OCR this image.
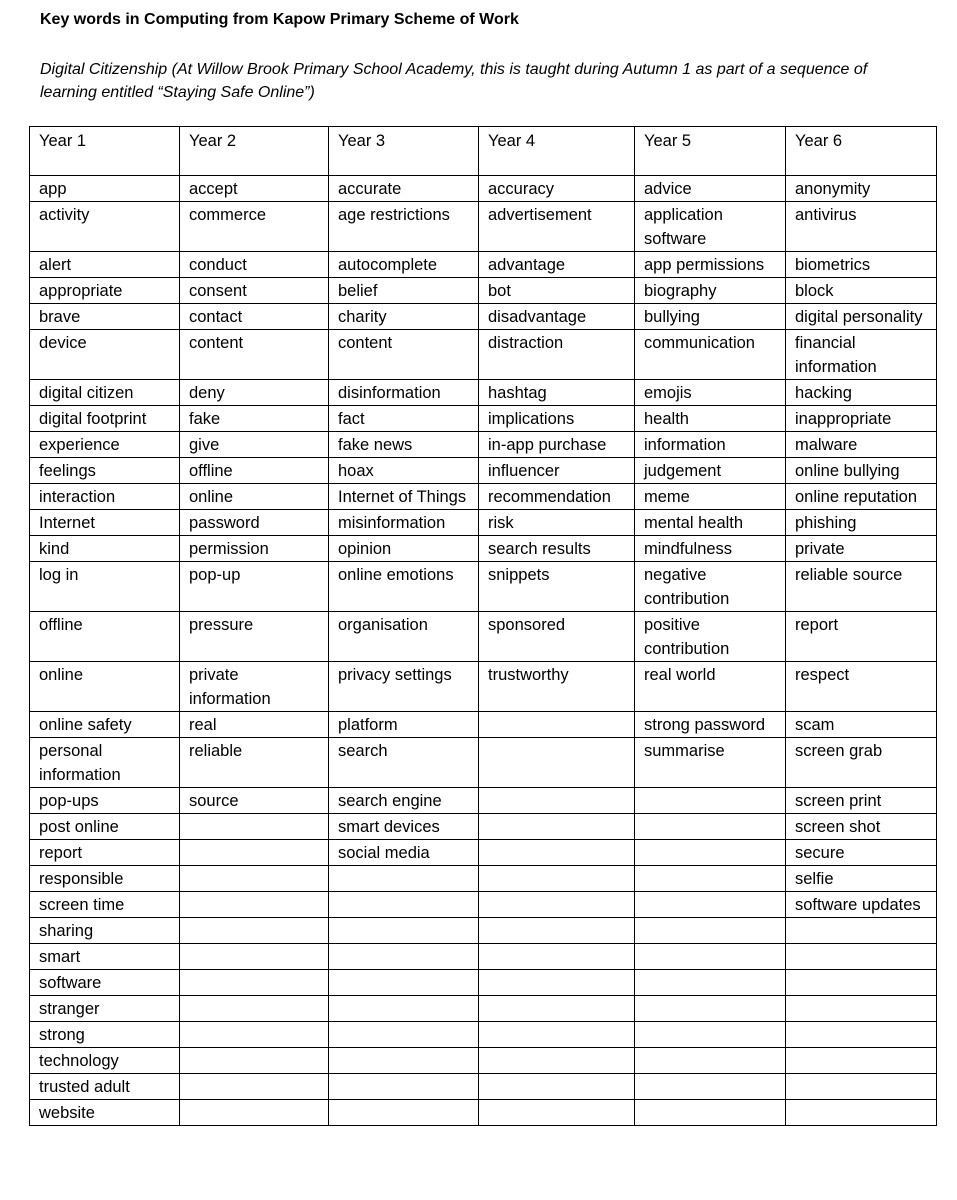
Key words in Computing from Kapow Primary Scheme of Work
Digital Citizenship (At Willow Brook Primary School Academy, this is taught during Autumn 1 as part of a sequence of learning entitled “Staying Safe Online”)
Year 1	Year 2	Year 3	Year 4	Year 5	Year 6
app	accept	accurate	accuracy	advice	anonymity
activity	commerce	age restrictions	advertisement	application software	antivirus
alert	conduct	autocomplete	advantage	app permissions	biometrics
appropriate	consent	belief	bot	biography	block
brave	contact	charity	disadvantage	bullying	digital personality
device	content	content	distraction	communication	financial information
digital citizen	deny	disinformation	hashtag	emojis	hacking
digital footprint	fake	fact	implications	health	inappropriate
experience	give	fake news	in-app purchase	information	malware
feelings	offline	hoax	influencer	judgement	online bullying
interaction	online	Internet of Things	recommendation	meme	online reputation
Internet	password	misinformation	risk	mental health	phishing
kind	permission	opinion	search results	mindfulness	private
log in	pop-up	online emotions	snippets	negative contribution	reliable source
offline	pressure	organisation	sponsored	positive contribution	report
online	private information	privacy settings	trustworthy	real world	respect
online safety	real	platform		strong password	scam
personal information	reliable	search		summarise	screen grab
pop-ups	source	search engine			screen print
post online		smart devices			screen shot
report		social media			secure
responsible					selfie
screen time					software updates
sharing					
smart					
software					
stranger					
strong					
technology					
trusted adult					
website					
